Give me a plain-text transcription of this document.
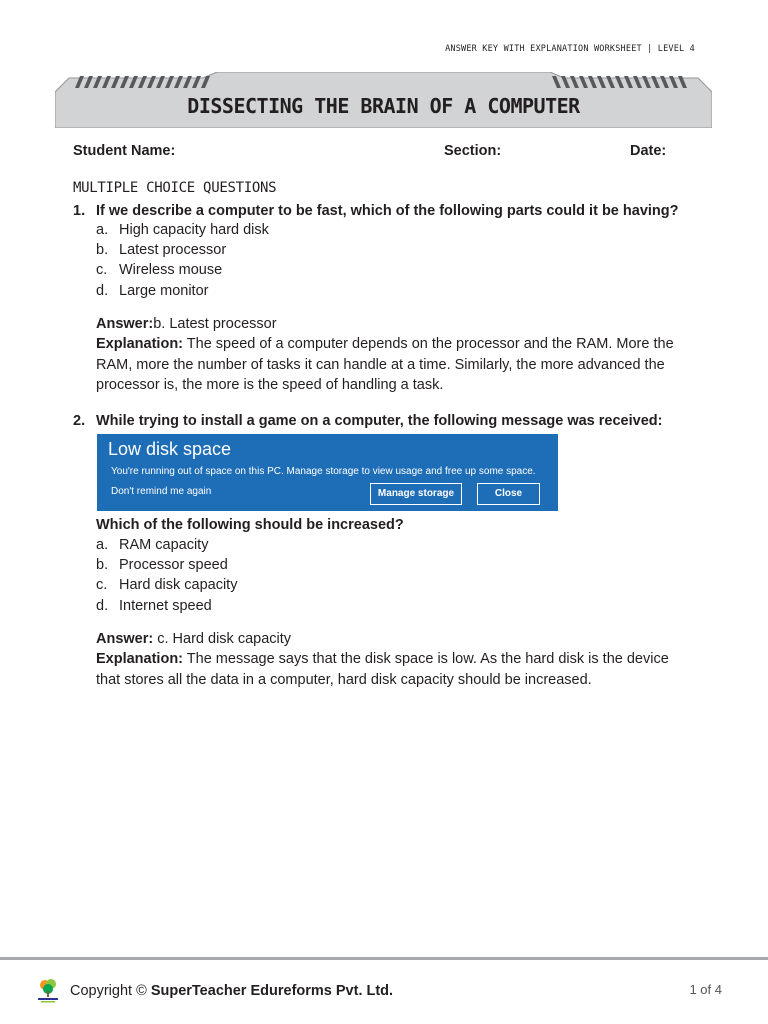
ANSWER KEY WITH EXPLANATION WORKSHEET | LEVEL 4
DISSECTING THE BRAIN OF A COMPUTER
Student Name:	Section:	Date:
MULTIPLE CHOICE QUESTIONS
1. If we describe a computer to be fast, which of the following parts could it be having?
a. High capacity hard disk
b. Latest processor
c. Wireless mouse
d. Large monitor
Answer:b. Latest processor
Explanation: The speed of a computer depends on the processor and the RAM. More the RAM, more the number of tasks it can handle at a time. Similarly, the more advanced the processor is, the more is the speed of handling a task.
2. While trying to install a game on a computer, the following message was received:
Low disk space
You're running out of space on this PC. Manage storage to view usage and free up some space.
Don't remind me again	Manage storage	Close
Which of the following should be increased?
a. RAM capacity
b. Processor speed
c. Hard disk capacity
d. Internet speed
Answer: c. Hard disk capacity
Explanation: The message says that the disk space is low. As the hard disk is the device that stores all the data in a computer, hard disk capacity should be increased.
Copyright © SuperTeacher Edureforms Pvt. Ltd.	1 of 4
